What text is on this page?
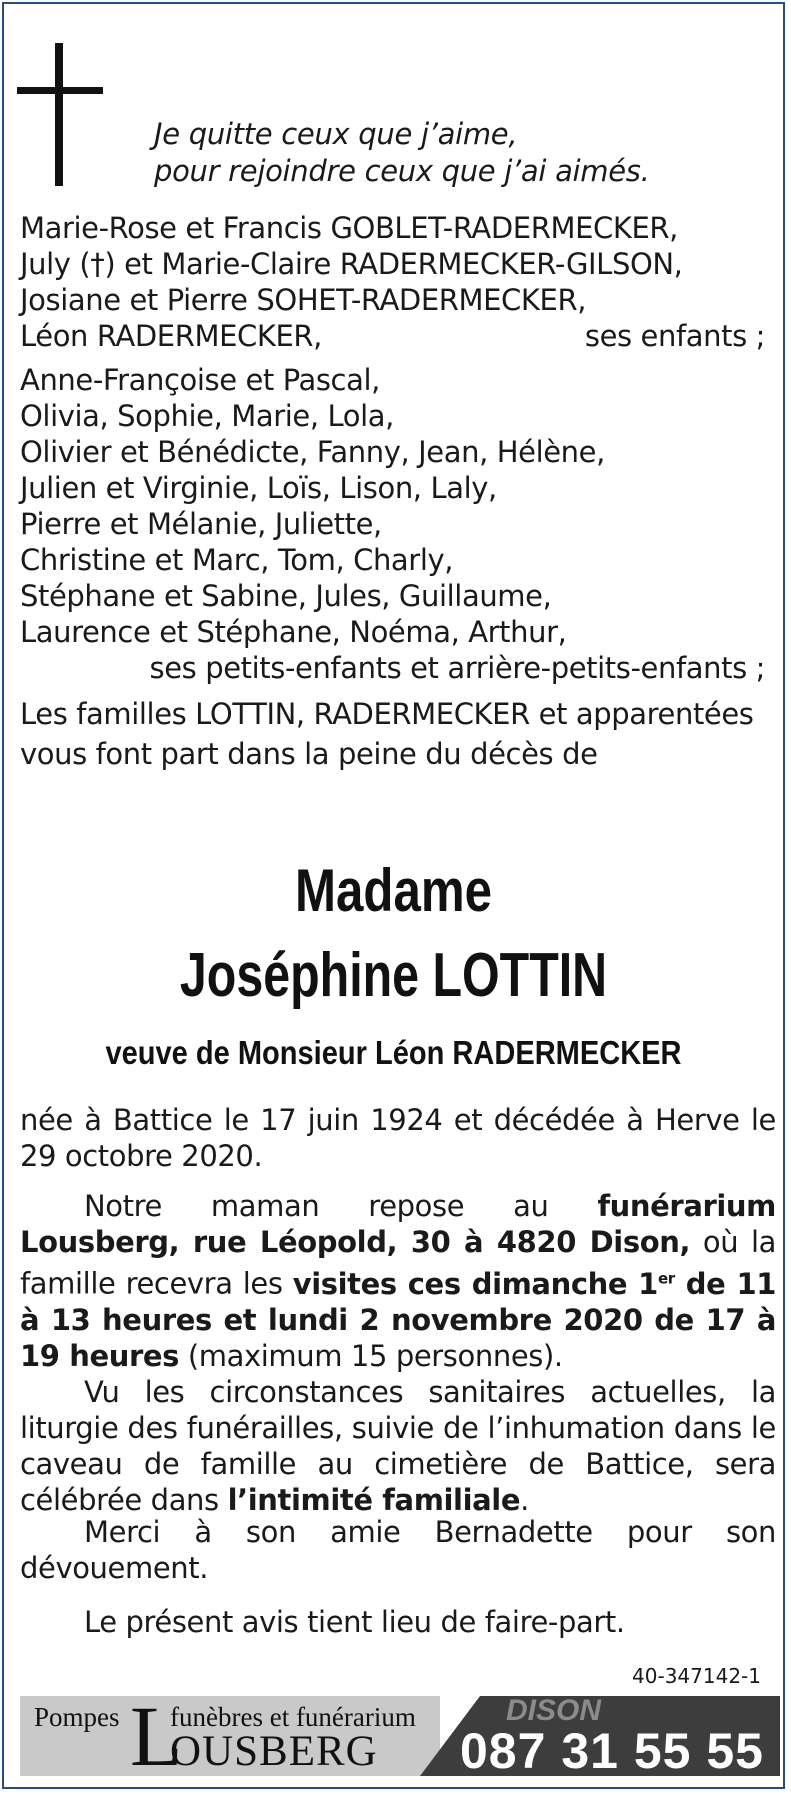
Je quitte ceux que j’aime,
pour rejoindre ceux que j’ai aimés.
Marie-Rose et Francis GOBLET-RADERMECKER,
July (†) et Marie-Claire RADERMECKER-GILSON,
Josiane et Pierre SOHET-RADERMECKER,
Léon RADERMECKER,	ses enfants ;
Anne-Françoise et Pascal,
Olivia, Sophie, Marie, Lola,
Olivier et Bénédicte, Fanny, Jean, Hélène,
Julien et Virginie, Loïs, Lison, Laly,
Pierre et Mélanie, Juliette,
Christine et Marc, Tom, Charly,
Stéphane et Sabine, Jules, Guillaume,
Laurence et Stéphane, Noéma, Arthur,
ses petits-enfants et arrière-petits-enfants ;
Les familles LOTTIN, RADERMECKER et apparentées
vous font part dans la peine du décès de
Madame
Joséphine LOTTIN
veuve de Monsieur Léon RADERMECKER
née à Battice le 17 juin 1924 et décédée à Herve le 29 octobre 2020.
Notre maman repose au funérarium Lousberg, rue Léopold, 30 à 4820 Dison, où la famille recevra les visites ces dimanche 1er de 11 à 13 heures et lundi 2 novembre 2020 de 17 à 19 heures (maximum 15 personnes).
Vu les circonstances sanitaires actuelles, la liturgie des funérailles, suivie de l’inhumation dans le caveau de famille au cimetière de Battice, sera célébrée dans l’intimité familiale.
Merci à son amie Bernadette pour son dévouement.
Le présent avis tient lieu de faire-part.
40-347142-1
Pompes L
funèbres et funérarium
OUSBERG
DISON
087 31 55 55
